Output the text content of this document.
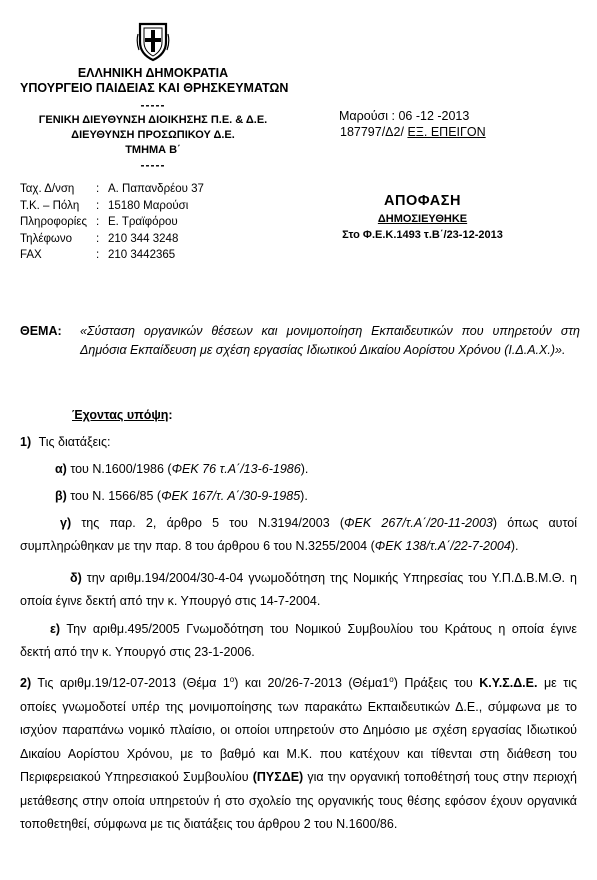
ΕΛΛΗΝΙΚΗ ΔΗΜΟΚΡΑΤΙΑ
ΥΠΟΥΡΓΕΙΟ ΠΑΙΔΕΙΑΣ ΚΑΙ ΘΡΗΣΚΕΥΜΑΤΩΝ
-----
ΓΕΝΙΚΗ ΔΙΕΥΘΥΝΣΗ ΔΙΟΙΚΗΣΗΣ Π.Ε. & Δ.Ε.
ΔΙΕΥΘΥΝΣΗ ΠΡΟΣΩΠΙΚΟΥ Δ.Ε.
ΤΜΗΜΑ Β΄
-----
Ταχ. Δ/νση	: Α. Παπανδρέου 37
Τ.Κ. – Πόλη	: 15180 Μαρούσι
Πληροφορίες : Ε. Τραϊφόρου
Τηλέφωνο	: 210 344 3248
FAX	: 210 3442365
Μαρούσι : 06 -12 -2013
187797/Δ2/ ΕΞ. ΕΠΕΙΓΟΝ
ΑΠΟΦΑΣΗ
ΔΗΜΟΣΙΕΥΘΗΚΕ
Στο Φ.Ε.Κ.1493 τ.Β΄/23-12-2013
ΘΕΜΑ: «Σύσταση οργανικών θέσεων και μονιμοποίηση Εκπαιδευτικών που υπηρετούν στη Δημόσια Εκπαίδευση με σχέση εργασίας Ιδιωτικού Δικαίου Αορίστου Χρόνου (Ι.Δ.Α.Χ.)».
Έχοντας υπόψη:
1) Τις διατάξεις:
α) του Ν.1600/1986 (ΦΕΚ 76 τ.Α΄/13-6-1986).
β) του Ν. 1566/85 (ΦΕΚ 167/τ. Α΄/30-9-1985).
γ) της παρ. 2, άρθρο 5 του Ν.3194/2003 (ΦΕΚ 267/τ.Α΄/20-11-2003) όπως αυτοί συμπληρώθηκαν με την παρ. 8 του άρθρου 6 του Ν.3255/2004 (ΦΕΚ 138/τ.Α΄/22-7-2004).
δ) την αριθμ.194/2004/30-4-04 γνωμοδότηση της Νομικής Υπηρεσίας του Υ.Π.Δ.Β.Μ.Θ. η οποία έγινε δεκτή από την κ. Υπουργό στις 14-7-2004.
ε) Την αριθμ.495/2005 Γνωμοδότηση του Νομικού Συμβουλίου του Κράτους η οποία έγινε δεκτή από την κ. Υπουργό στις 23-1-2006.
2) Τις αριθμ.19/12-07-2013 (Θέμα $1^o$) και 20/26-7-2013 $(\Theta έ\mu\alpha 1^o)$ Πράξεις του Κ.Υ.Σ.Δ.Ε. με τις οποίες γνωμοδοτεί υπέρ της μονιμοποίησης των παρακάτω Εκπαιδευτικών Δ.Ε., σύμφωνα με το ισχύον παραπάνω νομικό πλαίσιο, οι οποίοι υπηρετούν στο Δημόσιο με σχέση εργασίας Ιδιωτικού Δικαίου Αορίστου Χρόνου, με το βαθμό και Μ.Κ. που κατέχουν και τίθενται στη διάθεση του Περιφερειακού Υπηρεσιακού Συμβουλίου (ΠΥΣΔΕ) για την οργανική τοποθέτησή τους στην περιοχή μετάθεσης στην οποία υπηρετούν ή στο σχολείο της οργανικής τους θέσης εφόσον έχουν οργανικά τοποθετηθεί, σύμφωνα με τις διατάξεις του άρθρου 2 του Ν.1600/86.
